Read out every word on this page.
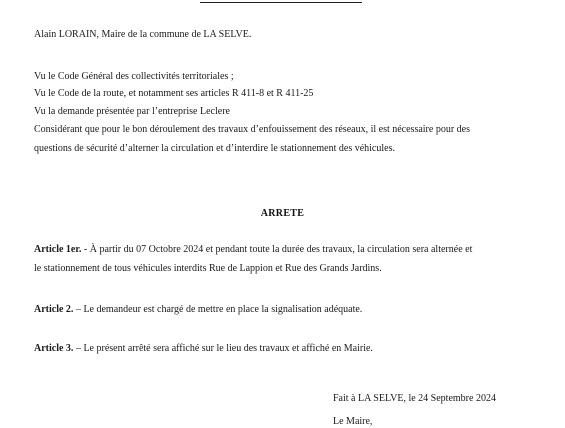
Alain LORAIN, Maire de la commune de LA SELVE.
Vu le Code Général des collectivités territoriales ;
Vu le Code de la route, et notamment ses articles R 411-8 et R 411-25
Vu la demande présentée par l’entreprise Leclere
Considérant que pour le bon déroulement des travaux d’enfouissement des réseaux, il est nécessaire pour des
questions de sécurité d’alterner la circulation et d’interdire le stationnement des véhicules.
ARRETE
Article 1er. - À partir du 07 Octobre 2024 et pendant toute la durée des travaux, la circulation sera alternée et
le stationnement de tous véhicules interdits Rue de Lappion et Rue des Grands Jardins.
Article 2. – Le demandeur est chargé de mettre en place la signalisation adéquate.
Article 3. – Le présent arrêté sera affiché sur le lieu des travaux et affiché en Mairie.
Fait à LA SELVE, le 24 Septembre 2024
Le Maire,
